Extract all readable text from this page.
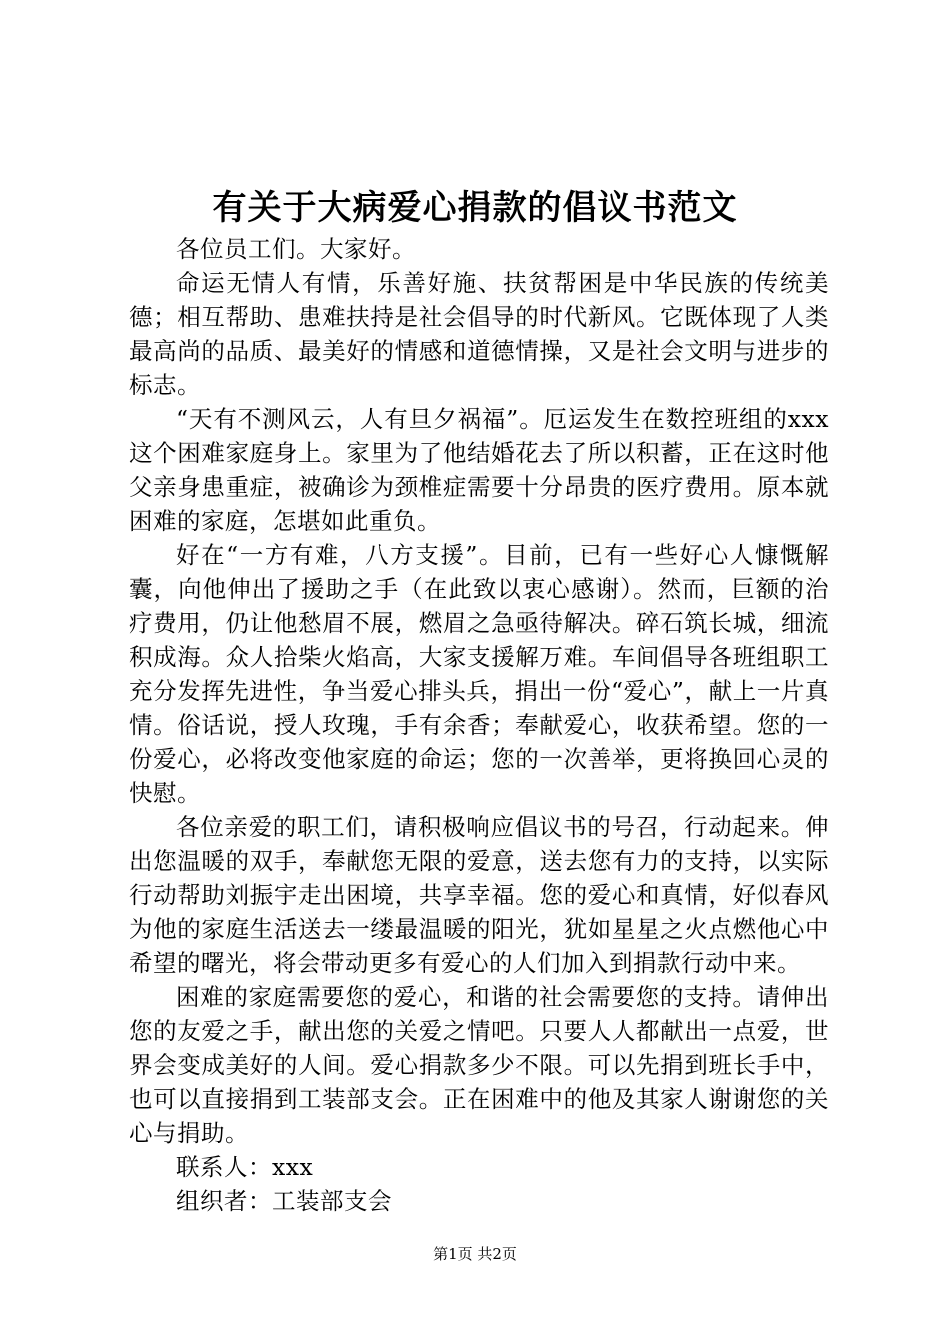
有关于大病爱心捐款的倡议书范文

各位员工们。大家好。

命运无情人有情，乐善好施、扶贫帮困是中华民族的传统美德；相互帮助、患难扶持是社会倡导的时代新风。它既体现了人类最高尚的品质、最美好的情感和道德情操，又是社会文明与进步的标志。

“天有不测风云，人有旦夕祸福”。厄运发生在数控班组的xxx这个困难家庭身上。家里为了他结婚花去了所以积蓄，正在这时他父亲身患重症，被确诊为颈椎症需要十分昂贵的医疗费用。原本就困难的家庭，怎堪如此重负。

好在“一方有难，八方支援”。目前，已有一些好心人慷慨解囊，向他伸出了援助之手（在此致以衷心感谢）。然而，巨额的治疗费用，仍让他愁眉不展，燃眉之急亟待解决。碎石筑长城，细流积成海。众人拾柴火焰高，大家支援解万难。车间倡导各班组职工充分发挥先进性，争当爱心排头兵，捐出一份“爱心”，献上一片真情。俗话说，授人玫瑰，手有余香；奉献爱心，收获希望。您的一份爱心，必将改变他家庭的命运；您的一次善举，更将换回心灵的快慰。

各位亲爱的职工们，请积极响应倡议书的号召，行动起来。伸出您温暖的双手，奉献您无限的爱意，送去您有力的支持，以实际行动帮助刘振宇走出困境，共享幸福。您的爱心和真情，好似春风为他的家庭生活送去一缕最温暖的阳光，犹如星星之火点燃他心中希望的曙光，将会带动更多有爱心的人们加入到捐款行动中来。

困难的家庭需要您的爱心，和谐的社会需要您的支持。请伸出您的友爱之手，献出您的关爱之情吧。只要人人都献出一点爱，世界会变成美好的人间。爱心捐款多少不限。可以先捐到班长手中，也可以直接捐到工装部支会。正在困难中的他及其家人谢谢您的关心与捐助。

联系人：xxx

组织者：工装部支会

第1页 共2页
